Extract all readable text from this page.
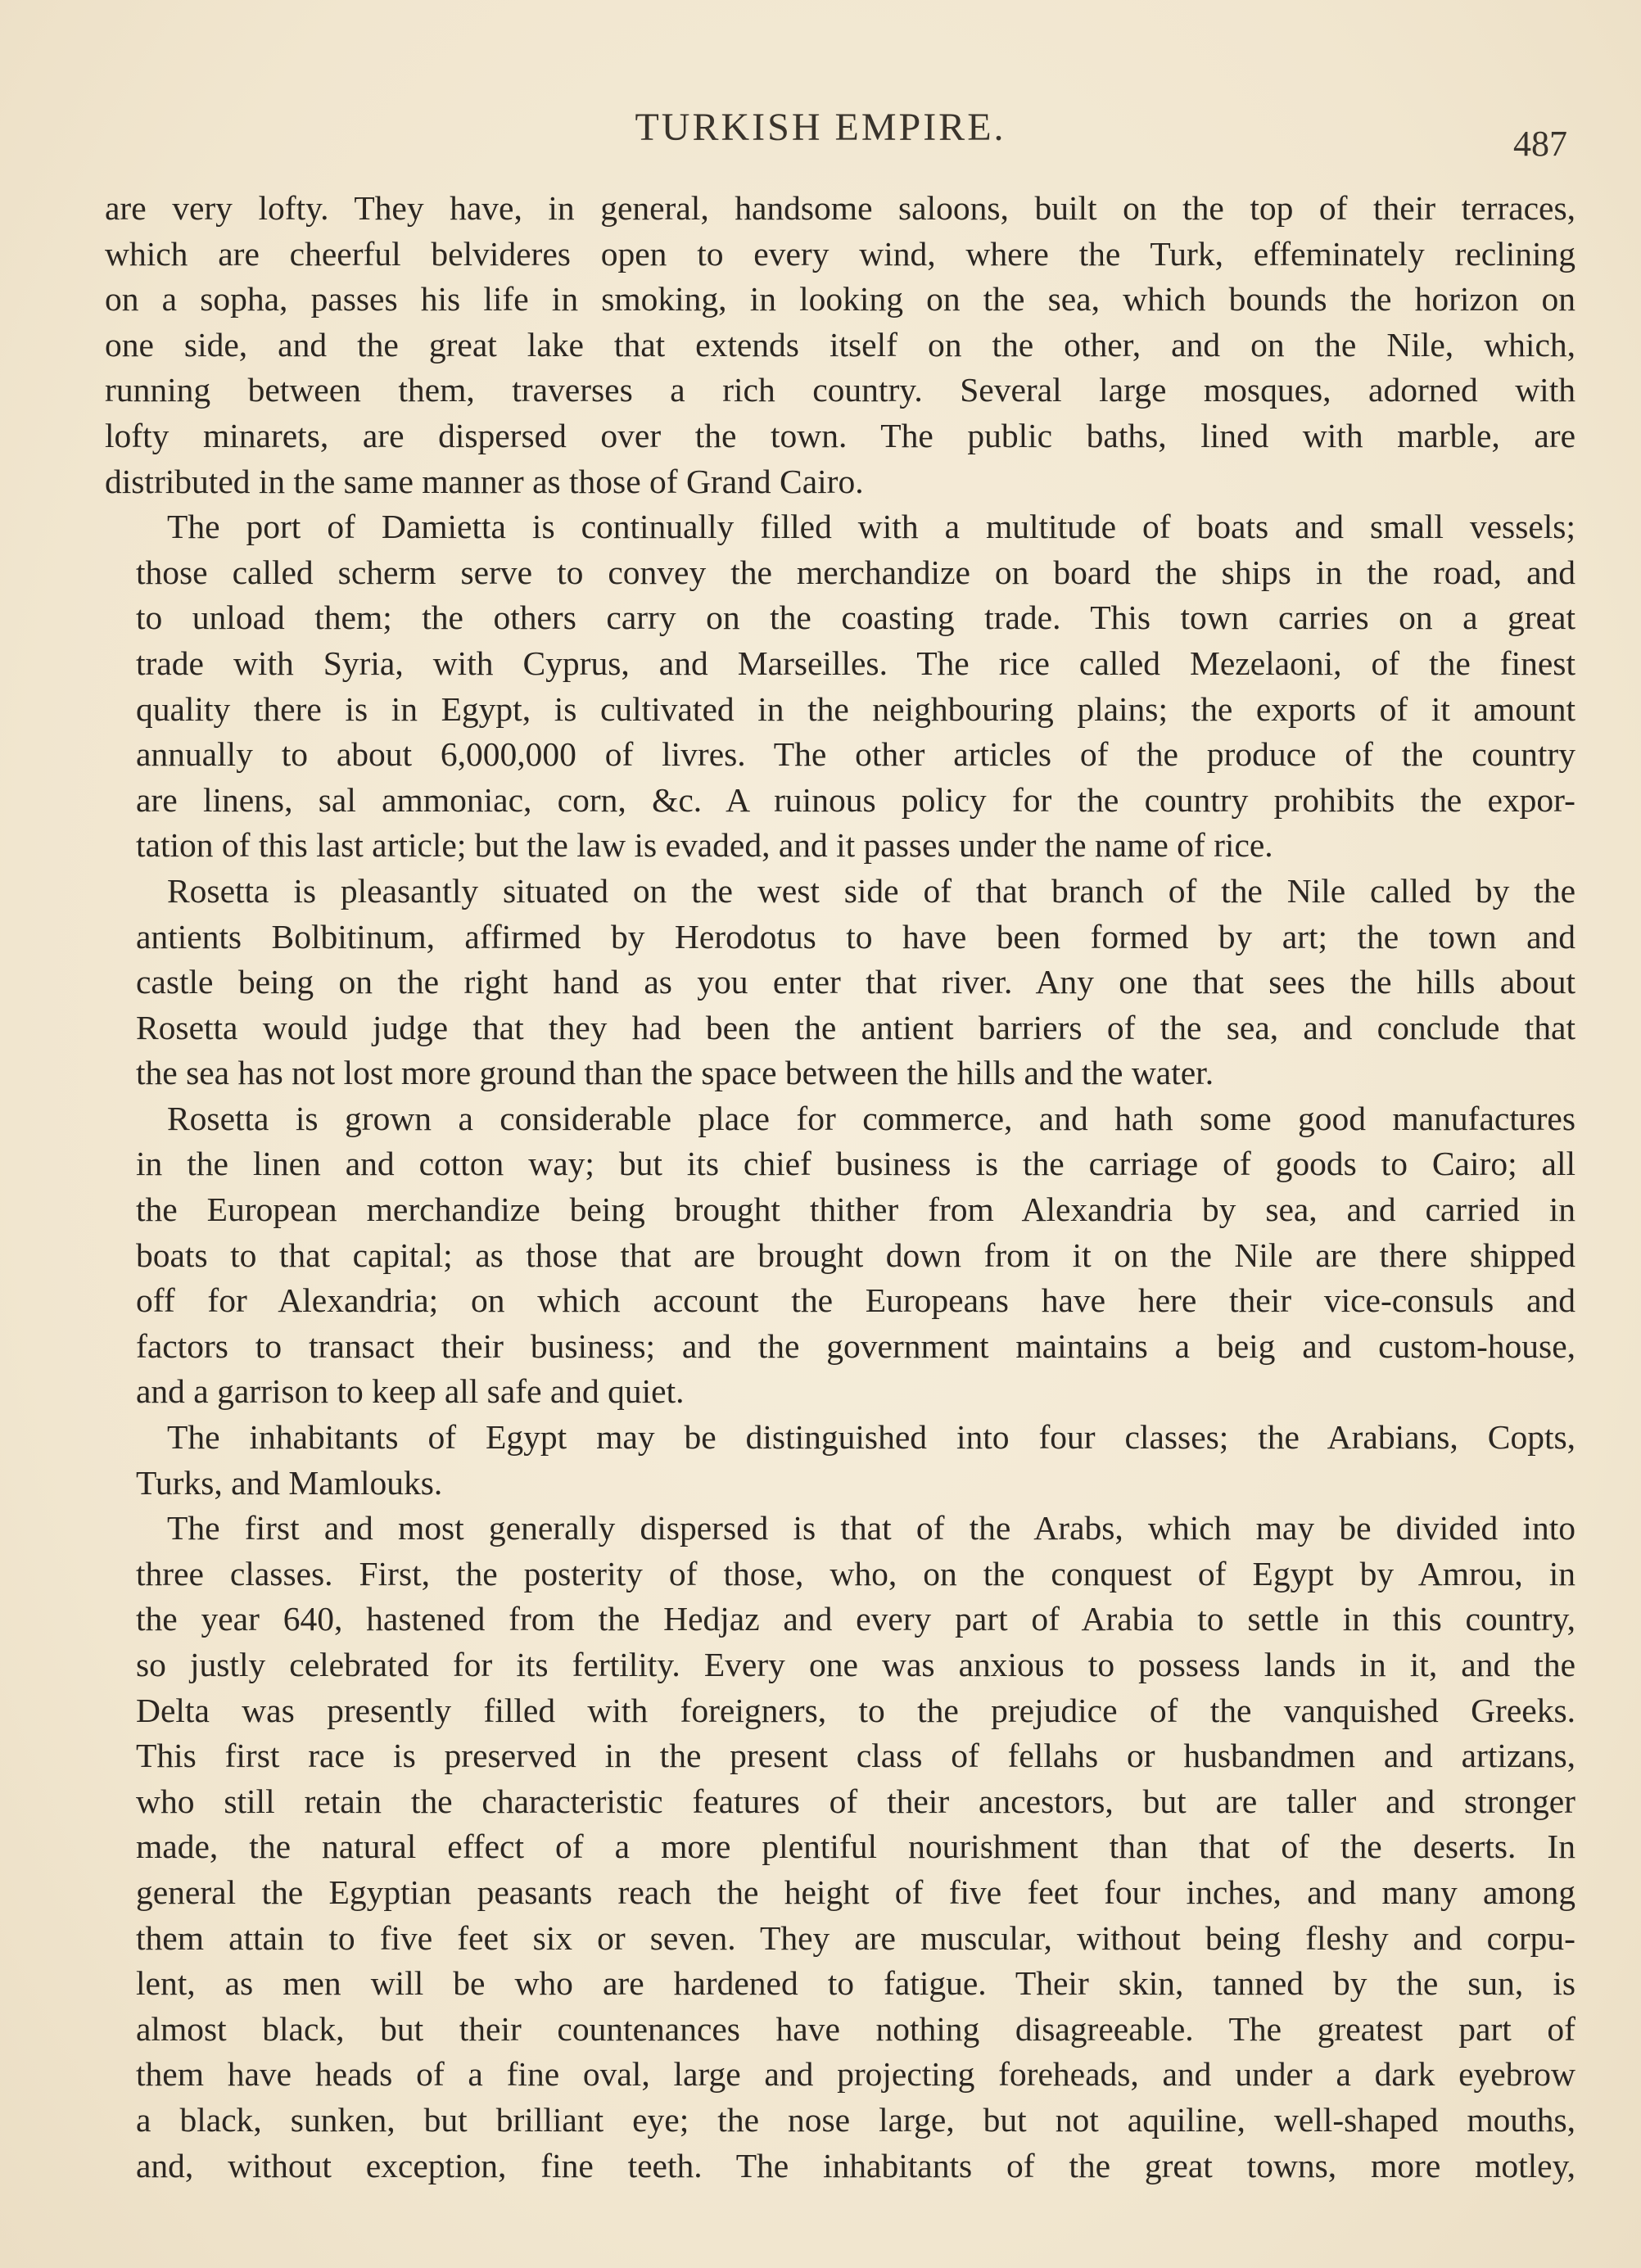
TURKISH EMPIRE.	487
are very lofty. They have, in general, handsome saloons, built on the top of their terraces,
which are cheerful belvideres open to every wind, where the Turk, effeminately reclining
on a sopha, passes his life in smoking, in looking on the sea, which bounds the horizon on
one side, and the great lake that extends itself on the other, and on the Nile, which,
running between them, traverses a rich country. Several large mosques, adorned with
lofty minarets, are dispersed over the town. The public baths, lined with marble, are
distributed in the same manner as those of Grand Cairo.
The port of Damietta is continually filled with a multitude of boats and small vessels;
those called scherm serve to convey the merchandize on board the ships in the road, and
to unload them; the others carry on the coasting trade. This town carries on a great
trade with Syria, with Cyprus, and Marseilles. The rice called Mezelaoni, of the finest
quality there is in Egypt, is cultivated in the neighbouring plains; the exports of it amount
annually to about 6,000,000 of livres. The other articles of the produce of the country
are linens, sal ammoniac, corn, &c. A ruinous policy for the country prohibits the expor-
tation of this last article; but the law is evaded, and it passes under the name of rice.
Rosetta is pleasantly situated on the west side of that branch of the Nile called by the
antients Bolbitinum, affirmed by Herodotus to have been formed by art; the town and
castle being on the right hand as you enter that river. Any one that sees the hills about
Rosetta would judge that they had been the antient barriers of the sea, and conclude that
the sea has not lost more ground than the space between the hills and the water.
Rosetta is grown a considerable place for commerce, and hath some good manufactures
in the linen and cotton way; but its chief business is the carriage of goods to Cairo; all
the European merchandize being brought thither from Alexandria by sea, and carried in
boats to that capital; as those that are brought down from it on the Nile are there shipped
off for Alexandria; on which account the Europeans have here their vice-consuls and
factors to transact their business; and the government maintains a beig and custom-house,
and a garrison to keep all safe and quiet.
The inhabitants of Egypt may be distinguished into four classes; the Arabians, Copts,
Turks, and Mamlouks.
The first and most generally dispersed is that of the Arabs, which may be divided into
three classes. First, the posterity of those, who, on the conquest of Egypt by Amrou, in
the year 640, hastened from the Hedjaz and every part of Arabia to settle in this country,
so justly celebrated for its fertility. Every one was anxious to possess lands in it, and the
Delta was presently filled with foreigners, to the prejudice of the vanquished Greeks.
This first race is preserved in the present class of fellahs or husbandmen and artizans,
who still retain the characteristic features of their ancestors, but are taller and stronger
made, the natural effect of a more plentiful nourishment than that of the deserts. In
general the Egyptian peasants reach the height of five feet four inches, and many among
them attain to five feet six or seven. They are muscular, without being fleshy and corpu-
lent, as men will be who are hardened to fatigue. Their skin, tanned by the sun, is
almost black, but their countenances have nothing disagreeable. The greatest part of
them have heads of a fine oval, large and projecting foreheads, and under a dark eyebrow
a black, sunken, but brilliant eye; the nose large, but not aquiline, well-shaped mouths,
and, without exception, fine teeth. The inhabitants of the great towns, more motley,
